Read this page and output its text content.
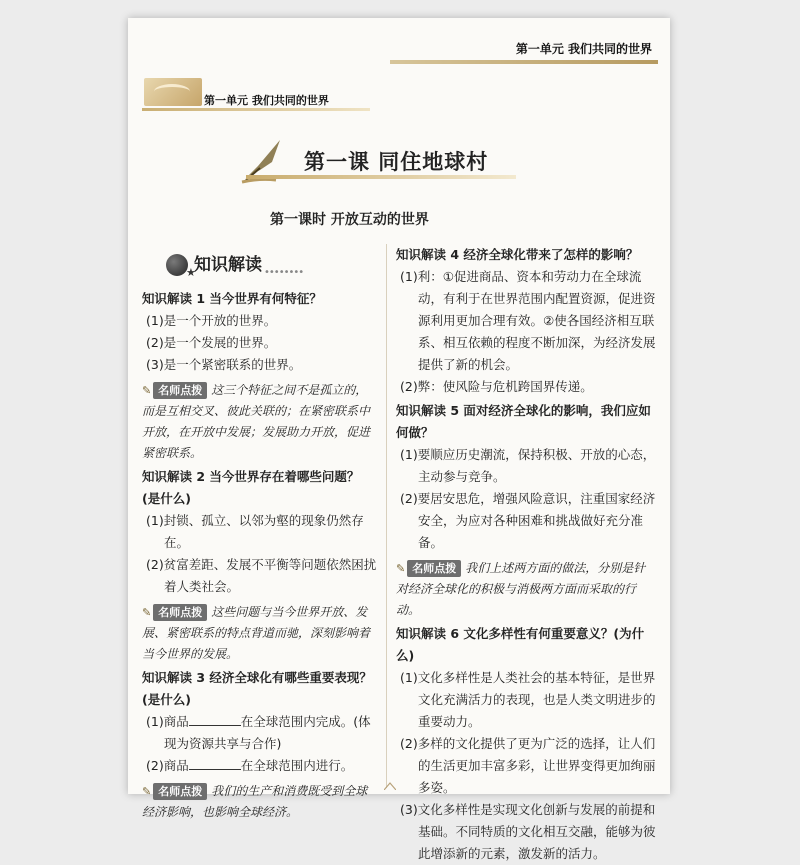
第一单元 我们共同的世界
第一单元 我们共同的世界
第一课 同住地球村
第一课时 开放互动的世界
★
知识解读 ••••••••
知识解读 1 当今世界有何特征？
(1)是一个开放的世界。
(2)是一个发展的世界。
(3)是一个紧密联系的世界。
✎ 名师点拨 这三个特征之间不是孤立的，而是互相交叉、彼此关联的；在紧密联系中开放，在开放中发展；发展助力开放，促进紧密联系。
知识解读 2 当今世界存在着哪些问题？(是什么)
(1)封锁、孤立、以邻为壑的现象仍然存在。
(2)贫富差距、发展不平衡等问题依然困扰着人类社会。
✎ 名师点拨 这些问题与当今世界开放、发展、紧密联系的特点背道而驰，深刻影响着当今世界的发展。
知识解读 3 经济全球化有哪些重要表现？(是什么)
(1)商品	在全球范围内完成。(体现为资源共享与合作)
(2)商品	在全球范围内进行。
✎ 名师点拨 我们的生产和消费既受到全球经济影响，也影响全球经济。
知识解读 4 经济全球化带来了怎样的影响？
(1)利：①促进商品、资本和劳动力在全球流动，有利于在世界范围内配置资源，促进资源利用更加合理有效。②使各国经济相互联系、相互依赖的程度不断加深，为经济发展提供了新的机会。
(2)弊：使风险与危机跨国界传递。
知识解读 5 面对经济全球化的影响，我们应如何做？
(1)要顺应历史潮流，保持积极、开放的心态，主动参与竞争。
(2)要居安思危，增强风险意识，注重国家经济安全，为应对各种困难和挑战做好充分准备。
✎ 名师点拨 我们上述两方面的做法，分别是针对经济全球化的积极与消极两方面而采取的行动。
知识解读 6 文化多样性有何重要意义？(为什么)
(1)文化多样性是人类社会的基本特征，是世界文化充满活力的表现，也是人类文明进步的重要动力。
(2)多样的文化提供了更为广泛的选择，让人们的生活更加丰富多彩，让世界变得更加绚丽多姿。
(3)文化多样性是实现文化创新与发展的前提和基础。不同特质的文化相互交融，能够为彼此增添新的元素，激发新的活力。
